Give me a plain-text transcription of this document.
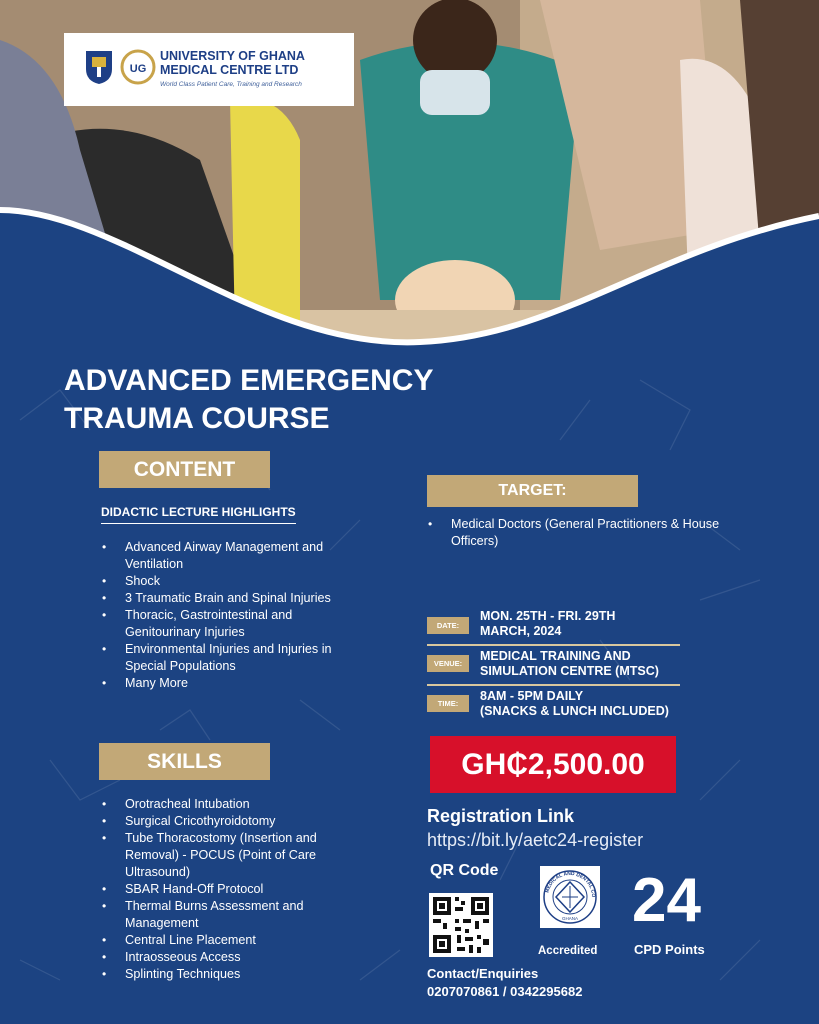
UG
UNIVERSITY OF GHANA
MEDICAL CENTRE LTD
World Class Patient Care, Training and Research
ADVANCED EMERGENCY
TRAUMA COURSE
CONTENT
DIDACTIC LECTURE HIGHLIGHTS
• Advanced Airway Management and Ventilation
• Shock
• 3 Traumatic Brain and Spinal Injuries
• Thoracic, Gastrointestinal and Genitourinary Injuries
• Environmental Injuries and Injuries in Special Populations
• Many More
SKILLS
• Orotracheal Intubation
• Surgical Cricothyroidotomy
• Tube Thoracostomy (Insertion and Removal) - POCUS (Point of Care Ultrasound)
• SBAR Hand-Off Protocol
• Thermal Burns Assessment and Management
• Central Line Placement
• Intraosseous Access
• Splinting Techniques
TARGET:
• Medical Doctors (General Practitioners & House Officers)
DATE:
MON. 25TH - FRI. 29TH
MARCH, 2024
VENUE:
MEDICAL TRAINING AND
SIMULATION CENTRE (MTSC)
TIME:
8AM - 5PM DAILY
(SNACKS & LUNCH INCLUDED)
GH₵2,500.00
Registration Link
https://bit.ly/aetc24-register
QR Code
MEDICAL AND DENTAL CO
GHANA
Accredited
24
CPD Points
Contact/Enquiries
0207070861 / 0342295682
